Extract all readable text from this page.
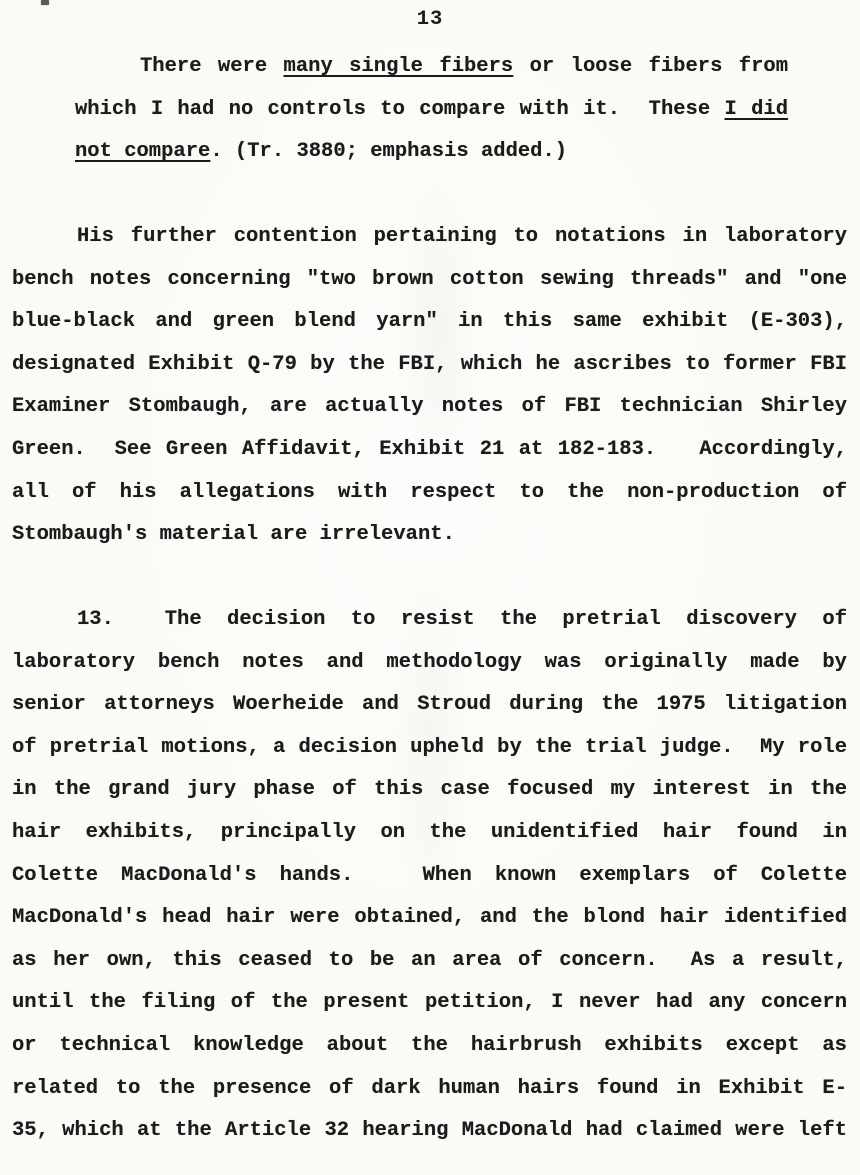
13
There were many single fibers or loose fibers from
which I had no controls to compare with it.  These I did
not compare. (Tr. 3880; emphasis added.)
His further contention pertaining to notations in laboratory
bench notes concerning "two brown cotton sewing threads" and "one
blue-black and green blend yarn" in this same exhibit (E-303),
designated Exhibit Q-79 by the FBI, which he ascribes to former FBI
Examiner Stombaugh, are actually notes of FBI technician Shirley
Green.  See Green Affidavit, Exhibit 21 at 182-183.   Accordingly,
all of his allegations with respect to the non-production of
Stombaugh's material are irrelevant.
13.  The decision to resist the pretrial discovery of
laboratory bench notes and methodology was originally made by
senior attorneys Woerheide and Stroud during the 1975 litigation
of pretrial motions, a decision upheld by the trial judge.  My role
in the grand jury phase of this case focused my interest in the
hair exhibits, principally on the unidentified hair found in
Colette MacDonald's hands.   When known exemplars of Colette
MacDonald's head hair were obtained, and the blond hair identified
as her own, this ceased to be an area of concern.  As a result,
until the filing of the present petition, I never had any concern
or technical knowledge about the hairbrush exhibits except as
related to the presence of dark human hairs found in Exhibit E-
35, which at the Article 32 hearing MacDonald had claimed were left
